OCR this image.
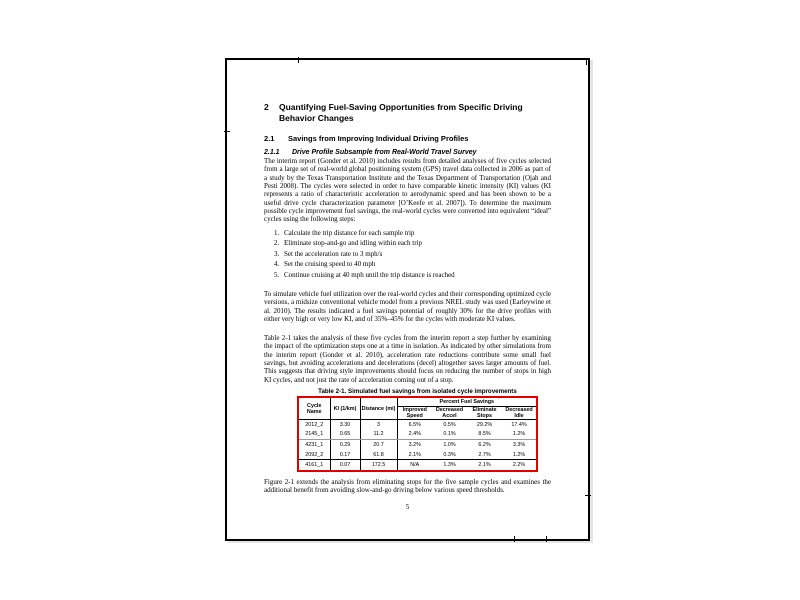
2 Quantifying Fuel-Saving Opportunities from Specific Driving Behavior Changes
2.1 Savings from Improving Individual Driving Profiles
2.1.1 Drive Profile Subsample from Real-World Travel Survey
The interim report (Gonder et al. 2010) includes results from detailed analyses of five cycles selected from a large set of real-world global positioning system (GPS) travel data collected in 2006 as part of a study by the Texas Transportation Institute and the Texas Department of Transportation (Ojah and Pesti 2008). The cycles were selected in order to have comparable kinetic intensity (KI) values (KI represents a ratio of characteristic acceleration to aerodynamic speed and has been shown to be a useful drive cycle characterization parameter [O’Keefe et al. 2007]). To determine the maximum possible cycle improvement fuel savings, the real-world cycles were converted into equivalent “ideal” cycles using the following steps:
1. Calculate the trip distance for each sample trip
2. Eliminate stop-and-go and idling within each trip
3. Set the acceleration rate to 3 mph/s
4. Set the cruising speed to 40 mph
5. Continue cruising at 40 mph until the trip distance is reached
To simulate vehicle fuel utilization over the real-world cycles and their corresponding optimized cycle versions, a midsize conventional vehicle model from a previous NREL study was used (Earleywine et al. 2010). The results indicated a fuel savings potential of roughly 30% for the drive profiles with either very high or very low KI, and of 35%–45% for the cycles with moderate KI values.
Table 2-1 takes the analysis of these five cycles from the interim report a step further by examining the impact of the optimization steps one at a time in isolation. As indicated by other simulations from the interim report (Gonder et al. 2010), acceleration rate reductions contribute some small fuel savings, but avoiding accelerations and decelerations (decel) altogether saves larger amounts of fuel. This suggests that driving style improvements should focus on reducing the number of stops in high KI cycles, and not just the rate of acceleration coming out of a stop.
Table 2-1. Simulated fuel savings from isolated cycle improvements
Cycle Name	KI (1/km)	Distance (mi)	Percent Fuel Savings			
			Improved Speed	Decreased Accel	Eliminate Stops	Decreased Idle
2012_2	3.30	3	6.5%	0.5%	29.2%	17.4%
2145_1	0.65	11.2	2.4%	0.1%	8.5%	1.2%
4231_1	0.29	20.7	3.2%	1.0%	6.2%	3.3%
2092_2	0.17	61.8	2.1%	0.3%	2.7%	1.2%
4161_1	0.07	172.5	N/A	1.3%	2.1%	2.2%
Figure 2-1 extends the analysis from eliminating stops for the five sample cycles and examines the additional benefit from avoiding slow-and-go driving below various speed thresholds.
5
